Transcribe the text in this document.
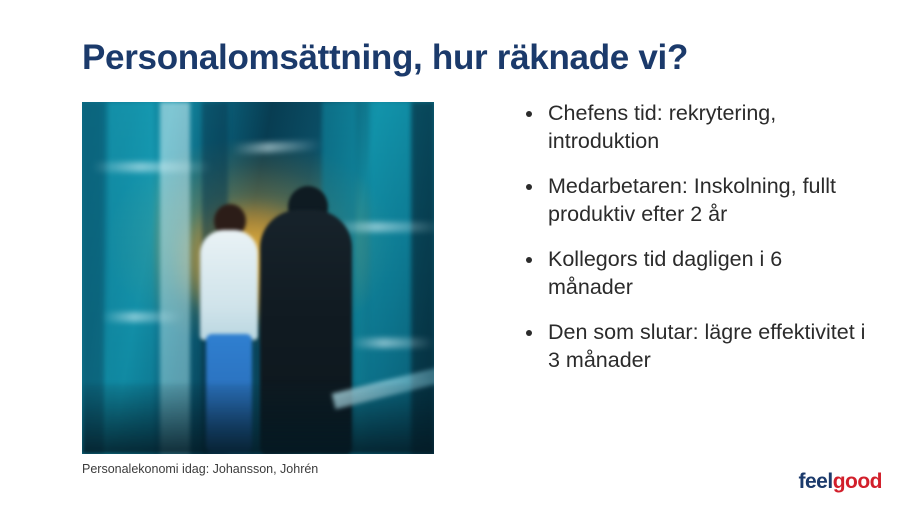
Personalomsättning, hur räknade vi?
Personalekonomi idag: Johansson, Johrén
Chefens tid: rekrytering, introduktion
Medarbetaren: Inskolning, fullt produktiv efter 2 år
Kollegors tid dagligen i 6 månader
Den som slutar: lägre effektivitet i 3 månader
feelgood
